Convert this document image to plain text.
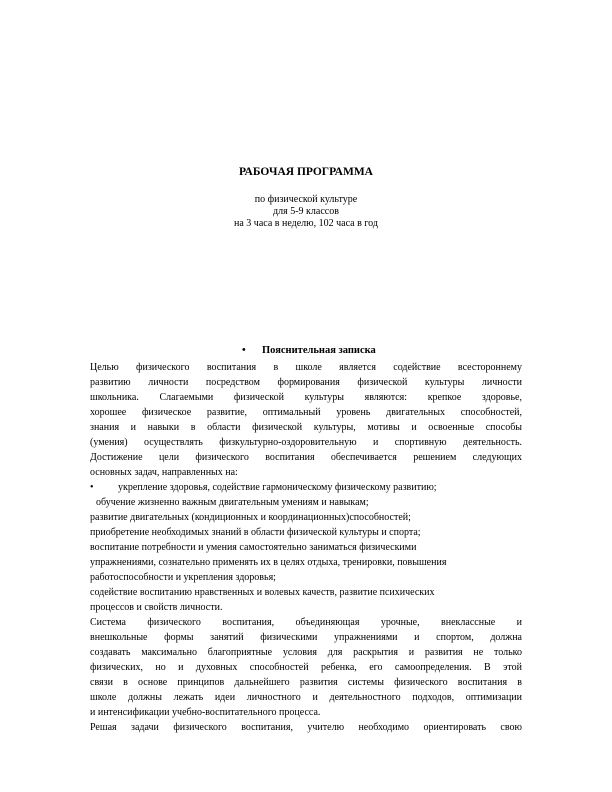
РАБОЧАЯ ПРОГРАММА
по физической культуре
для 5-9 классов
на 3 часа в неделю, 102 часа в год
• Пояснительная записка
Целью физического воспитания в школе является содействие всестороннему
развитию личности посредством формирования физической культуры личности
школьника. Слагаемыми физической культуры являются: крепкое здоровье,
хорошее физическое развитие, оптимальный уровень двигательных способностей,
знания и навыки в области физической культуры, мотивы и освоенные способы
(умения) осуществлять физкультурно-оздоровительную и спортивную деятельность.
Достижение цели физического воспитания обеспечивается решением следующих
основных задач, направленных на:
• укрепление здоровья, содействие гармоническому физическому развитию;
обучение жизненно важным двигательным умениям и навыкам;
развитие двигательных (кондиционных и координационных)способностей;
приобретение необходимых знаний в области физической культуры и спорта;
воспитание потребности и умения самостоятельно заниматься физическими
упражнениями, сознательно применять их в целях отдыха, тренировки, повышения
работоспособности и укрепления здоровья;
содействие воспитанию нравственных и волевых качеств, развитие психических
процессов и свойств личности.
Система физического воспитания, объединяющая урочные, внеклассные и
внешкольные формы занятий физическими упражнениями и спортом, должна
создавать максимально благоприятные условия для раскрытия и развития не только
физических, но и духовных способностей ребенка, его самоопределения. В этой
связи в основе принципов дальнейшего развития системы физического воспитания в
школе должны лежать идеи личностного и деятельностного подходов, оптимизации
и интенсификации учебно-воспитательного процесса.
Решая задачи физического воспитания, учителю необходимо ориентировать свою
